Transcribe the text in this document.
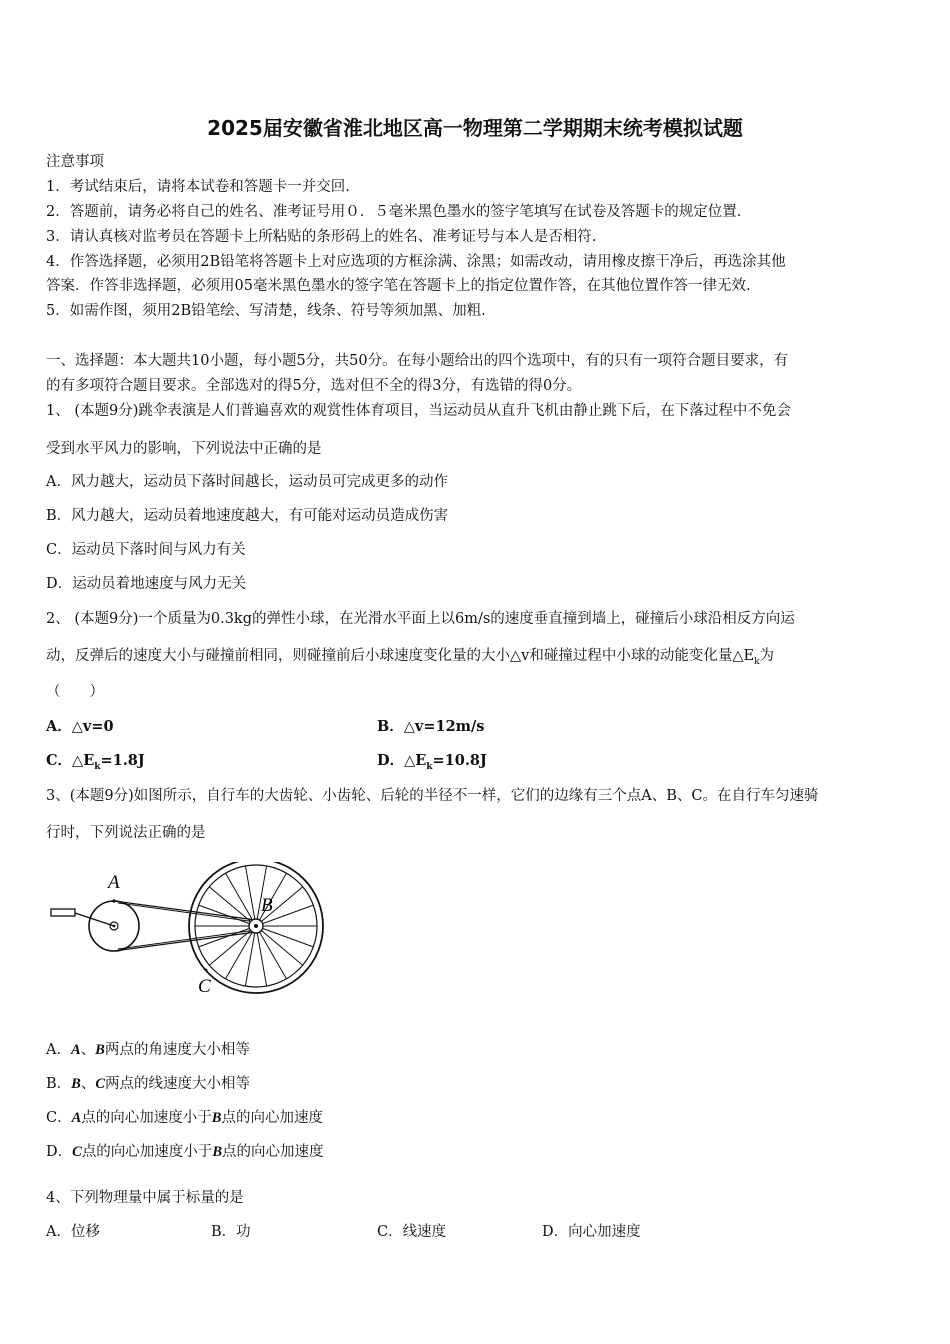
2025届安徽省淮北地区高一物理第二学期期末统考模拟试题
注意事项
1．考试结束后，请将本试卷和答题卡一并交回.
2．答题前，请务必将自己的姓名、准考证号用０．５毫米黑色墨水的签字笔填写在试卷及答题卡的规定位置.
3．请认真核对监考员在答题卡上所粘贴的条形码上的姓名、准考证号与本人是否相符.
4．作答选择题，必须用2B铅笔将答题卡上对应选项的方框涂满、涂黑；如需改动，请用橡皮擦干净后，再选涂其他
答案．作答非选择题，必须用05毫米黑色墨水的签字笔在答题卡上的指定位置作答，在其他位置作答一律无效.
5．如需作图，须用2B铅笔绘、写清楚，线条、符号等须加黑、加粗.
一、选择题：本大题共10小题，每小题5分，共50分。在每小题给出的四个选项中，有的只有一项符合题目要求，有
的有多项符合题目要求。全部选对的得5分，选对但不全的得3分，有选错的得0分。
1、 (本题9分)跳伞表演是人们普遍喜欢的观赏性体育项目，当运动员从直升飞机由静止跳下后，在下落过程中不免会
受到水平风力的影响，下列说法中正确的是
A．风力越大，运动员下落时间越长，运动员可完成更多的动作
B．风力越大，运动员着地速度越大，有可能对运动员造成伤害
C．运动员下落时间与风力有关
D．运动员着地速度与风力无关
2、 (本题9分)一个质量为0.3kg的弹性小球，在光滑水平面上以6m/s的速度垂直撞到墙上，碰撞后小球沿相反方向运
动，反弹后的速度大小与碰撞前相同，则碰撞前后小球速度变化量的大小△v和碰撞过程中小球的动能变化量$\triangle E_k$为
（　　）
A．△v=0	B．△v=12m/s
C．$\triangle E_k=1.8J$	D．$\triangle E_k=10.8J$
3、(本题9分)如图所示，自行车的大齿轮、小齿轮、后轮的半径不一样，它们的边缘有三个点A、B、C。在自行车匀速骑
行时，下列说法正确的是
A
B
C
A．A、B两点的角速度大小相等
B．B、C两点的线速度大小相等
C．A点的向心加速度小于B点的向心加速度
D．C点的向心加速度小于B点的向心加速度
4、下列物理量中属于标量的是
A．位移	B．功	C．线速度	D．向心加速度
